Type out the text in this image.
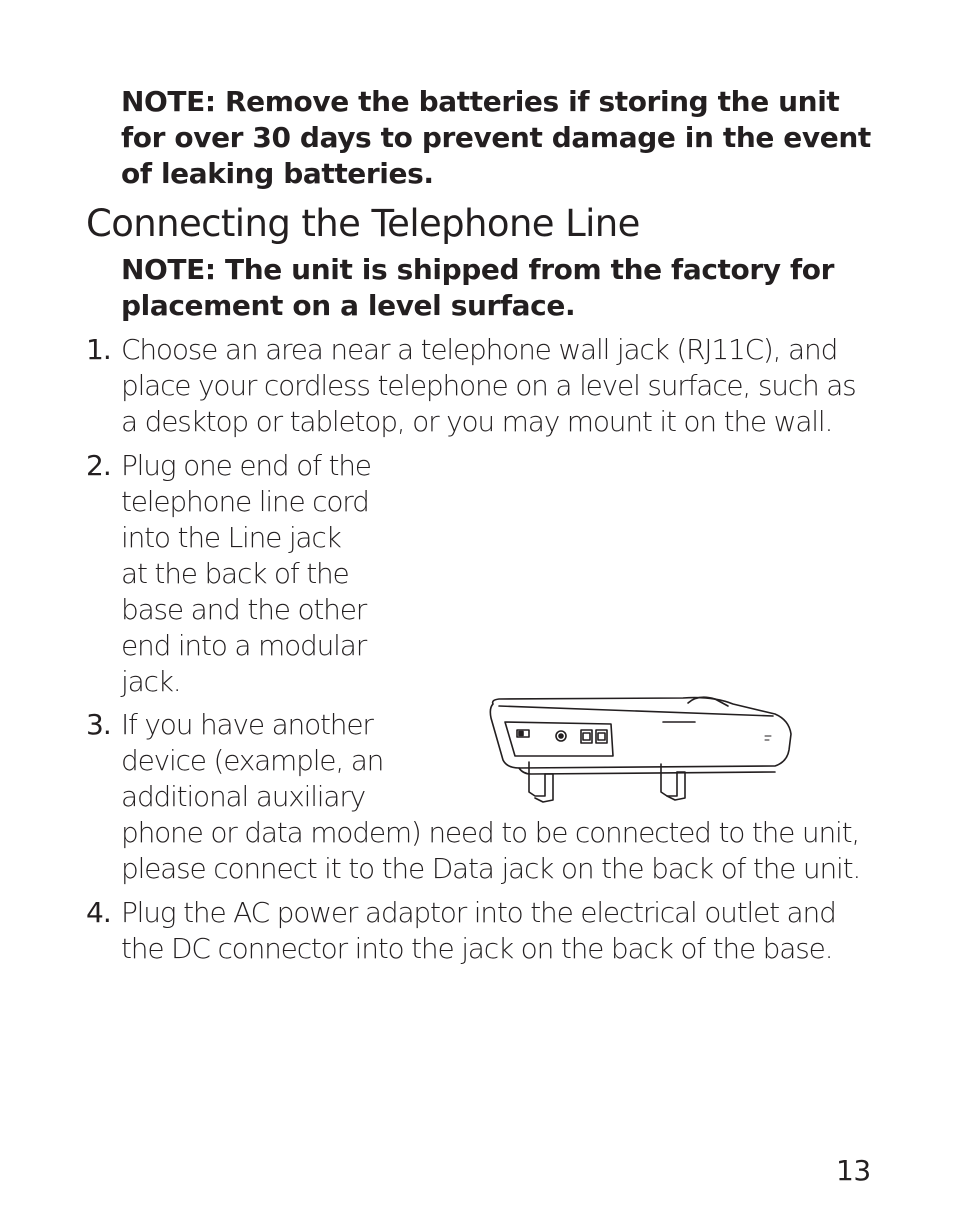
NOTE: Remove the batteries if storing the unit
for over 30 days to prevent damage in the event
of leaking batteries.
Connecting the Telephone Line
NOTE: The unit is shipped from the factory for
placement on a level surface.
1. Choose an area near a telephone wall jack (RJ11C), and
place your cordless telephone on a level surface, such as
a desktop or tabletop, or you may mount it on the wall.
2. Plug one end of the
telephone line cord
into the Line jack
at the back of the
base and the other
end into a modular
jack.
3. If you have another
device (example, an
additional auxiliary
phone or data modem) need to be connected to the unit,
please connect it to the Data jack on the back of the unit.
4. Plug the AC power adaptor into the electrical outlet and
the DC connector into the jack on the back of the base.
13
